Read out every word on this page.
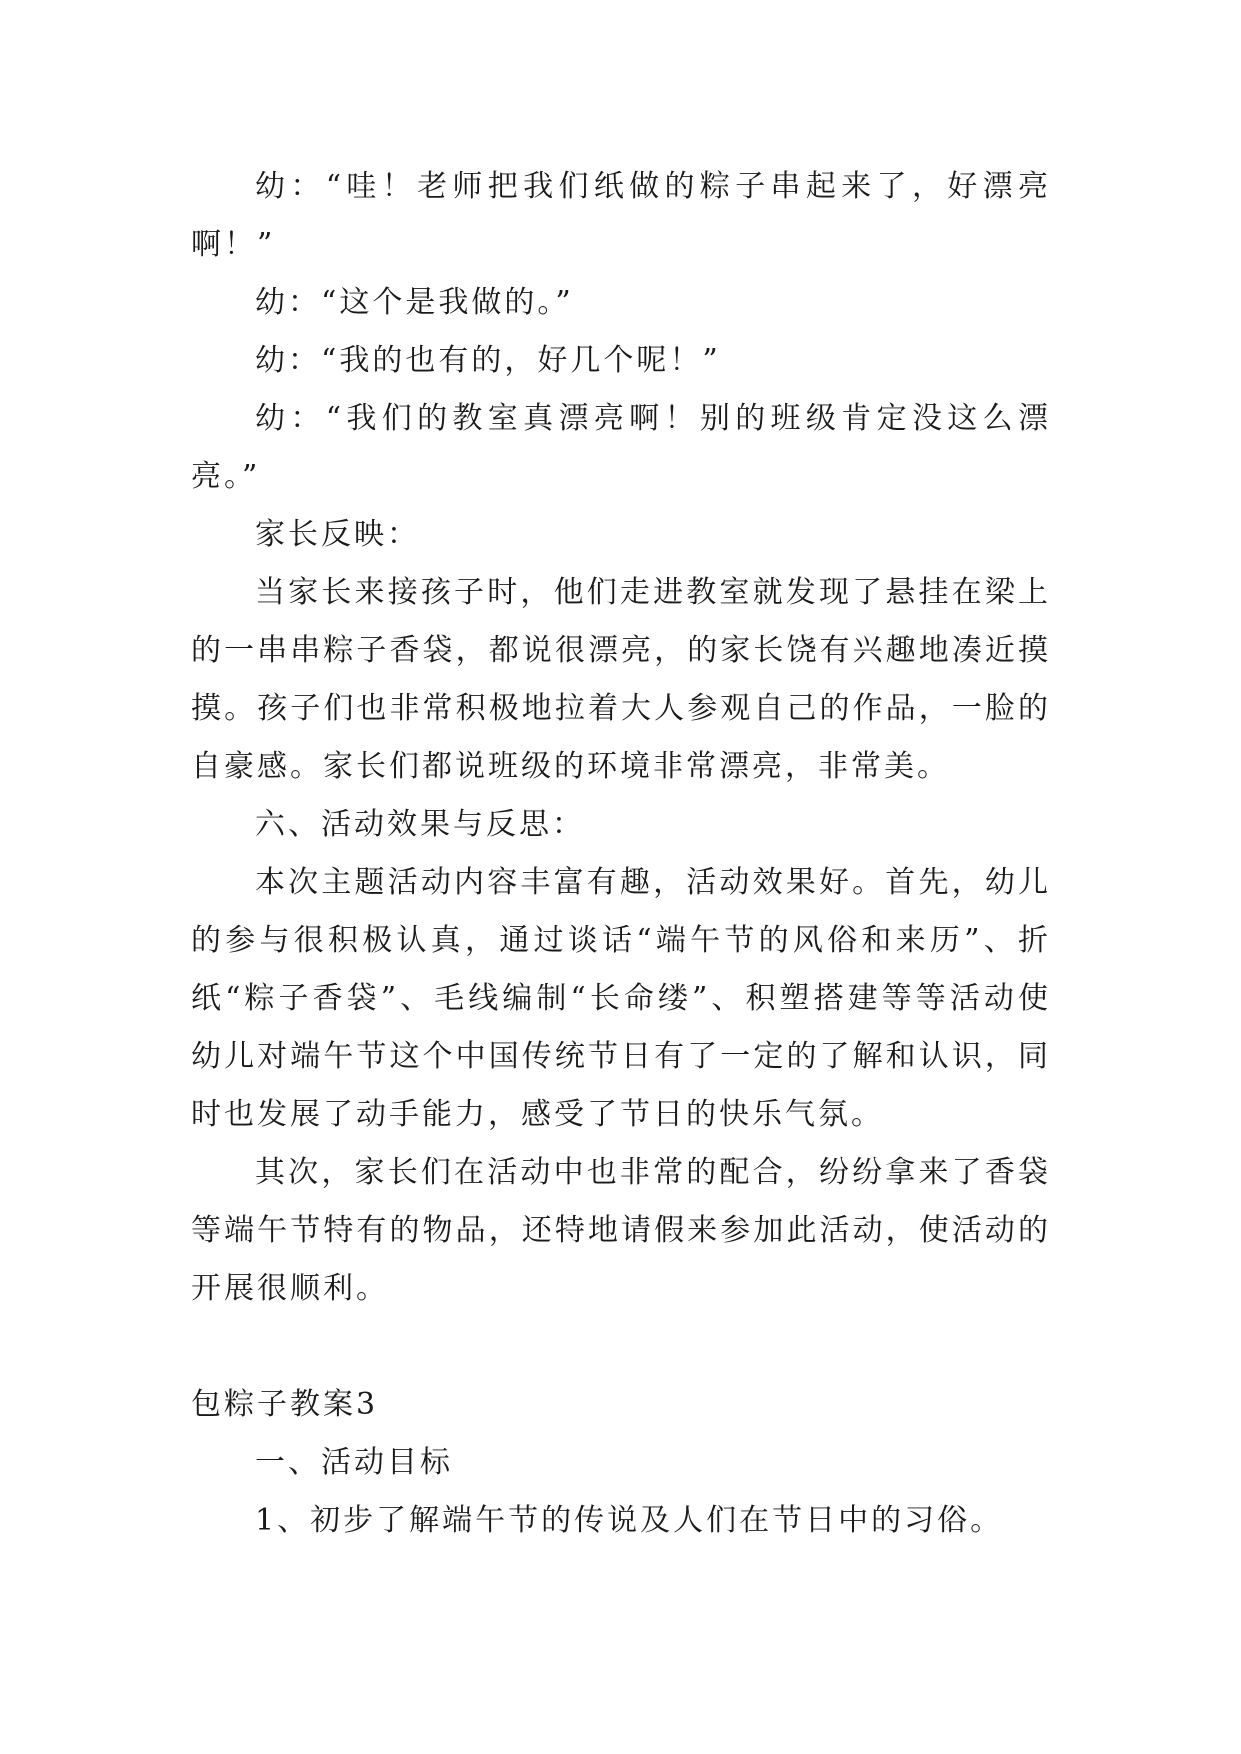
幼：“哇！老师把我们纸做的粽子串起来了，好漂亮啊！”

幼：“这个是我做的。”

幼：“我的也有的，好几个呢！”

幼：“我们的教室真漂亮啊！别的班级肯定没这么漂亮。”

家长反映：

当家长来接孩子时，他们走进教室就发现了悬挂在梁上的一串串粽子香袋，都说很漂亮，的家长饶有兴趣地凑近摸摸。孩子们也非常积极地拉着大人参观自己的作品，一脸的自豪感。家长们都说班级的环境非常漂亮，非常美。

六、活动效果与反思：

本次主题活动内容丰富有趣，活动效果好。首先，幼儿的参与很积极认真，通过谈话“端午节的风俗和来历”、折纸“粽子香袋”、毛线编制“长命缕”、积塑搭建等等活动使幼儿对端午节这个中国传统节日有了一定的了解和认识，同时也发展了动手能力，感受了节日的快乐气氛。

其次，家长们在活动中也非常的配合，纷纷拿来了香袋等端午节特有的物品，还特地请假来参加此活动，使活动的开展很顺利。

包粽子教案3

一、活动目标

1、初步了解端午节的传说及人们在节日中的习俗。
